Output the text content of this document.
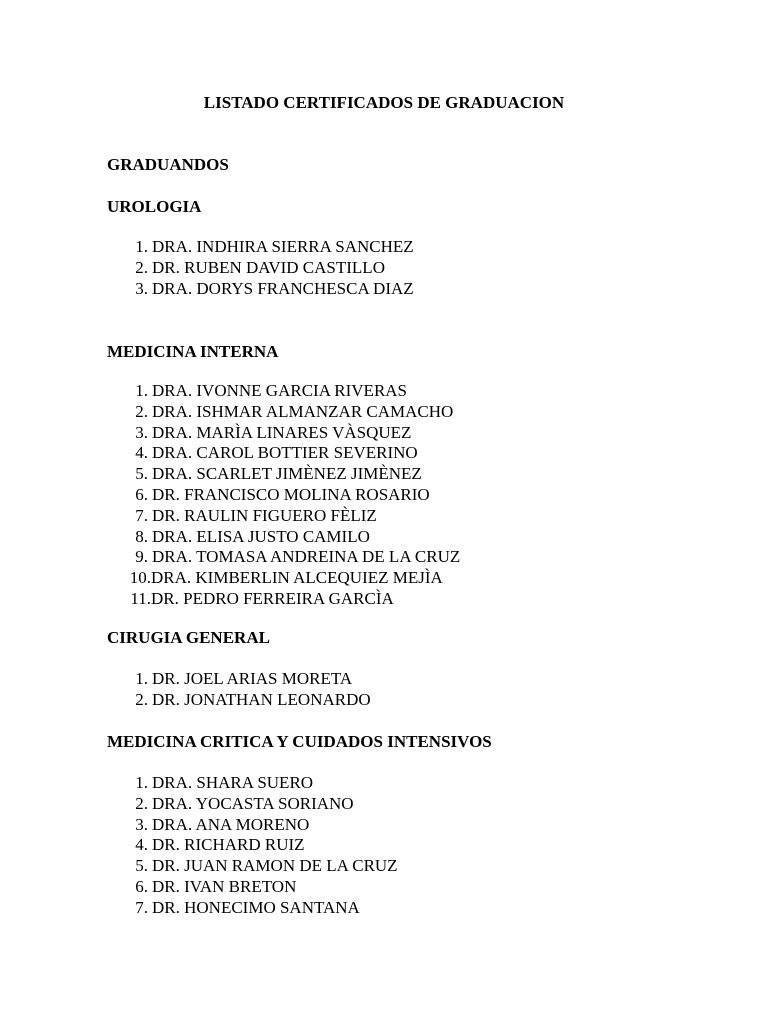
LISTADO CERTIFICADOS DE GRADUACION
GRADUANDOS
UROLOGIA
1. DRA. INDHIRA SIERRA SANCHEZ
2. DR. RUBEN DAVID CASTILLO
3. DRA. DORYS FRANCHESCA DIAZ
MEDICINA INTERNA
1. DRA. IVONNE GARCIA RIVERAS
2. DRA. ISHMAR ALMANZAR CAMACHO
3. DRA. MARÌA LINARES VÀSQUEZ
4. DRA. CAROL BOTTIER SEVERINO
5. DRA. SCARLET JIMÈNEZ JIMÈNEZ
6. DR. FRANCISCO MOLINA ROSARIO
7. DR. RAULIN FIGUERO FÈLIZ
8. DRA. ELISA JUSTO CAMILO
9. DRA. TOMASA ANDREINA DE LA CRUZ
10. DRA. KIMBERLIN ALCEQUIEZ MEJÌA
11. DR. PEDRO FERREIRA GARCÌA
CIRUGIA GENERAL
1. DR. JOEL ARIAS MORETA
2. DR. JONATHAN LEONARDO
MEDICINA CRITICA Y CUIDADOS INTENSIVOS
1. DRA. SHARA SUERO
2. DRA. YOCASTA SORIANO
3. DRA. ANA MORENO
4. DR. RICHARD RUIZ
5. DR. JUAN RAMON DE LA CRUZ
6. DR. IVAN BRETON
7. DR. HONECIMO SANTANA
